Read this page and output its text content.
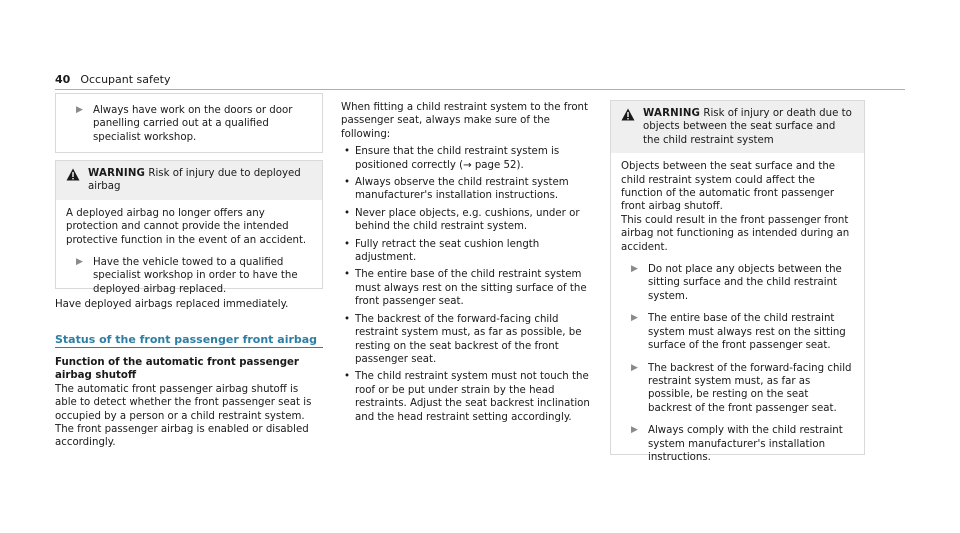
40 Occupant safety
▶ Always have work on the doors or door panelling carried out at a qualified specialist workshop.
WARNING Risk of injury due to deployed airbag
A deployed airbag no longer offers any protection and cannot provide the intended protective function in the event of an accident.
▶ Have the vehicle towed to a qualified specialist workshop in order to have the deployed airbag replaced.
Have deployed airbags replaced immediately.
Status of the front passenger front airbag
Function of the automatic front passenger airbag shutoff
The automatic front passenger airbag shutoff is able to detect whether the front passenger seat is occupied by a person or a child restraint system. The front passenger airbag is enabled or disabled accordingly.
When fitting a child restraint system to the front passenger seat, always make sure of the following:
• Ensure that the child restraint system is positioned correctly (→ page 52).
• Always observe the child restraint system manufacturer's installation instructions.
• Never place objects, e.g. cushions, under or behind the child restraint system.
• Fully retract the seat cushion length adjustment.
• The entire base of the child restraint system must always rest on the sitting surface of the front passenger seat.
• The backrest of the forward-facing child restraint system must, as far as possible, be resting on the seat backrest of the front passenger seat.
• The child restraint system must not touch the roof or be put under strain by the head restraints. Adjust the seat backrest inclination and the head restraint setting accordingly.
WARNING Risk of injury or death due to objects between the seat surface and the child restraint system
Objects between the seat surface and the child restraint system could affect the function of the automatic front passenger front airbag shutoff.
This could result in the front passenger front airbag not functioning as intended during an accident.
▶ Do not place any objects between the sitting surface and the child restraint system.
▶ The entire base of the child restraint system must always rest on the sitting surface of the front passenger seat.
▶ The backrest of the forward-facing child restraint system must, as far as possible, be resting on the seat backrest of the front passenger seat.
▶ Always comply with the child restraint system manufacturer's installation instructions.
